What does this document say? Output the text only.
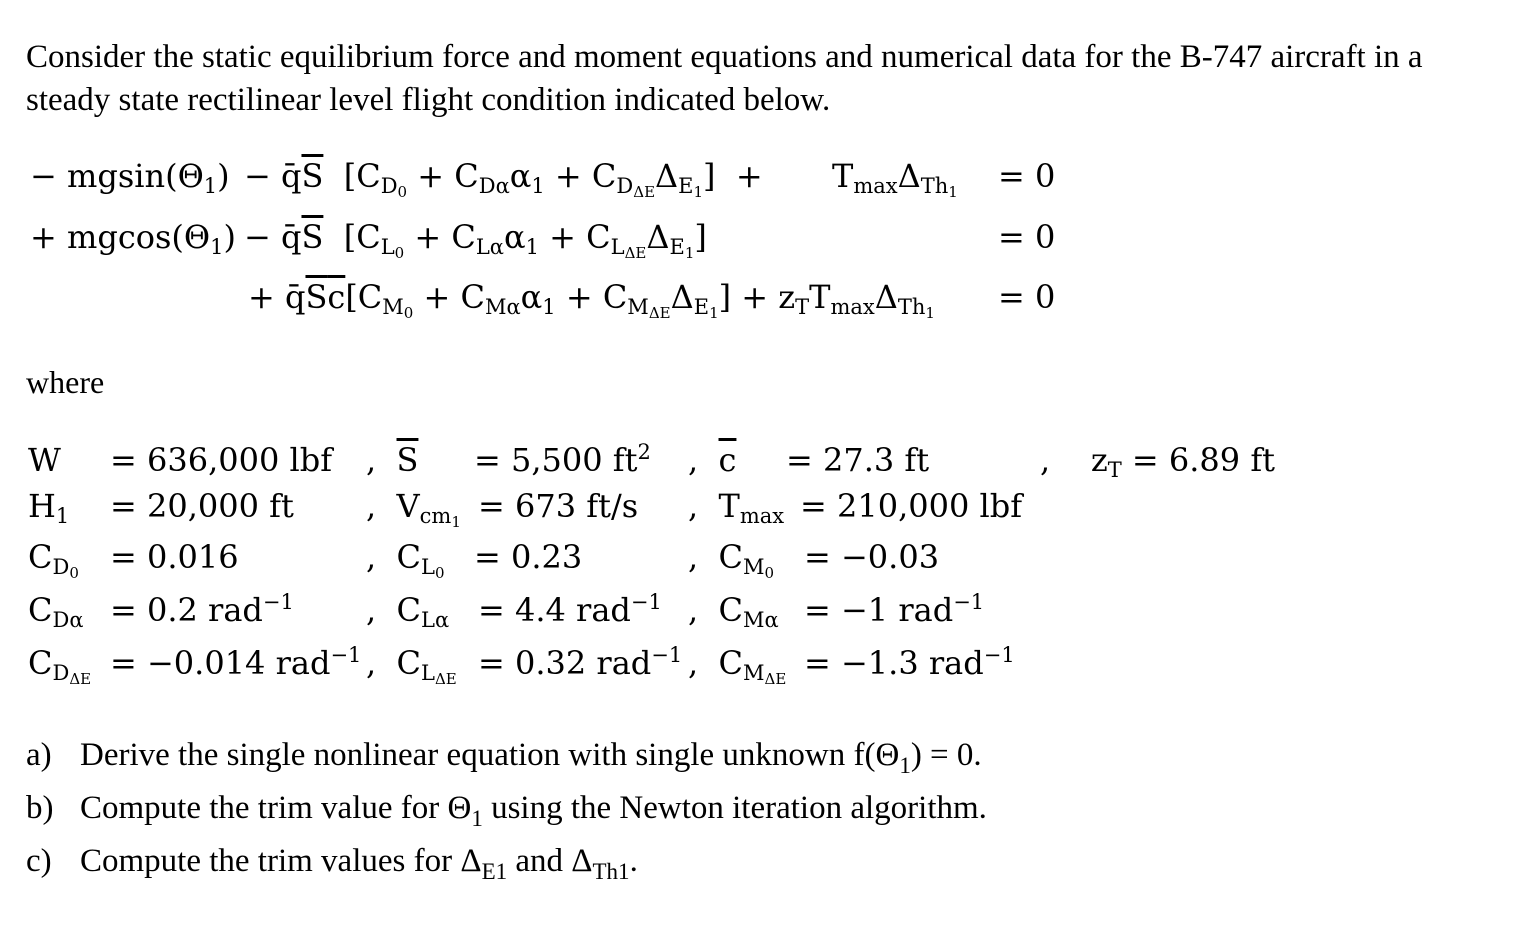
Consider the static equilibrium force and moment equations and numerical data for the B-747 aircraft in a steady state rectilinear level flight condition indicated below.

− $mgsin(\Theta_1)$ − $q̄\overline{S}$  $[C_{D_0} + C_{D\alpha}\alpha_1 + C_{D_{\Delta E}}\Delta_{E_1}] + T_{max}\Delta_{Th_1} = 0$
+ $mgcos(\Theta_1)$ − $q̄\overline{S}$  $[C_{L_0} + C_{L\alpha}\alpha_1 + C_{L_{\Delta E}}\Delta_{E_1}]$	= 0
+ $q̄\overline{S}\overline{c}[C_{M_0} + C_{M\alpha}\alpha_1 + C_{M_{\Delta E}}\Delta_{E_1}] + z_TT_{max}\Delta_{Th_1} = 0$
where
W = 636,000 lbf
$H_1 = 20,000$ ft
$C_{D_0} = 0.016$
$C_{D\alpha} = 0.2$ rad$^{-1}$
$C_{D_{\Delta E}} = -0.014$ rad$^{-1}$
,  $\overline{S} = 5,500$ $ft^2$
,  $V_{cm_1} = 673$ ft/s
,  $C_{L_0} = 0.23$
,  $C_{L\alpha} = 4.4$ rad$^{-1}$
,  $C_{L_{\Delta E}} = 0.32$ rad$^{-1}$
,  $\overline{c} = 27.3$ ft
,  $T_{max} = 210,000$ lbf
,  $C_{M_0} = -0.03$
,  $C_{M\alpha} = -1$ rad$^{-1}$
,  $C_{M_{\Delta E}} = -1.3$ rad$^{-1}$
,    $z_T = 6.89$ ft
a) Derive the single nonlinear equation with single unknown $f(\Theta_1) = 0$.
b) Compute the trim value for $\Theta_1$ using the Newton iteration algorithm.
c) Compute the trim values for $\Delta_{E1}$ and $\Delta_{Th1}$.
